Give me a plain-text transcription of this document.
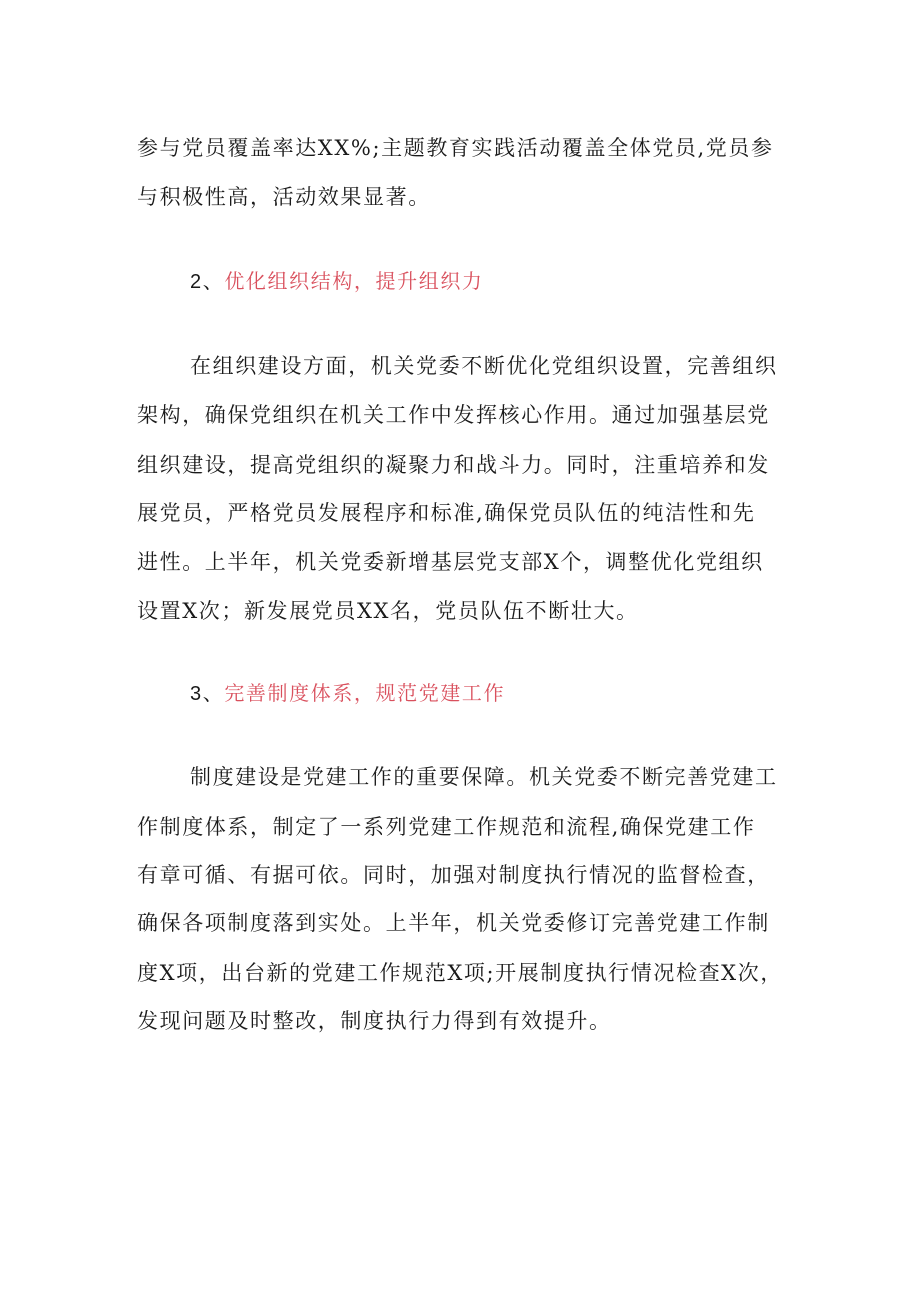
参与党员覆盖率达XX%;主题教育实践活动覆盖全体党员,党员参

与积极性高，活动效果显著。

2、优化组织结构，提升组织力

在组织建设方面，机关党委不断优化党组织设置，完善组织

架构，确保党组织在机关工作中发挥核心作用。通过加强基层党

组织建设，提高党组织的凝聚力和战斗力。同时，注重培养和发

展党员，严格党员发展程序和标准,确保党员队伍的纯洁性和先

进性。上半年，机关党委新增基层党支部X个，调整优化党组织

设置X次；新发展党员XX名，党员队伍不断壮大。

3、完善制度体系，规范党建工作

制度建设是党建工作的重要保障。机关党委不断完善党建工

作制度体系，制定了一系列党建工作规范和流程,确保党建工作

有章可循、有据可依。同时，加强对制度执行情况的监督检查，

确保各项制度落到实处。上半年，机关党委修订完善党建工作制

度X项，出台新的党建工作规范X项;开展制度执行情况检查X次，

发现问题及时整改，制度执行力得到有效提升。
